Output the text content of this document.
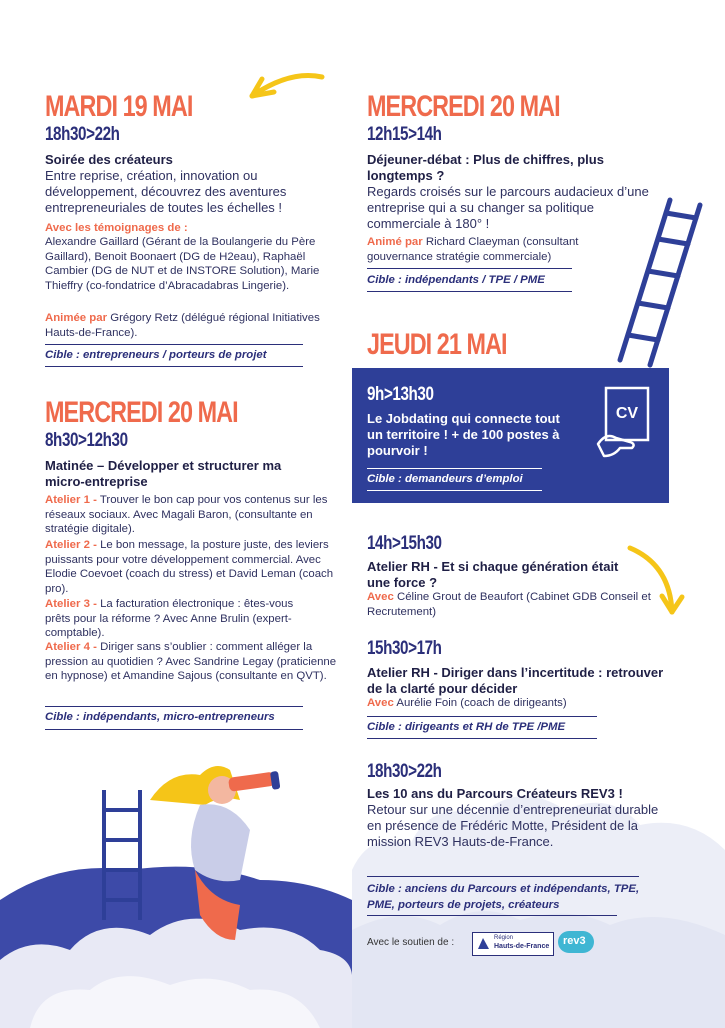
MARDI 19 MAI
18h30>22h
Soirée des créateurs
Entre reprise, création, innovation ou développement, découvrez des aventures entrepreneuriales de toutes les échelles !
Avec les témoignages de :
Alexandre Gaillard (Gérant de la Boulangerie du Père Gaillard), Benoit Boonaert (DG de H2eau), Raphaël Cambier (DG de NUT et de INSTORE Solution), Marie Thieffry (co-fondatrice d’Abracadabras Lingerie).
Animée par Grégory Retz (délégué régional Initiatives Hauts-de-France).
Cible : entrepreneurs / porteurs de projet
MERCREDI 20 MAI
8h30>12h30
Matinée – Développer et structurer ma micro-entreprise
Atelier 1 - Trouver le bon cap pour vos contenus sur les réseaux sociaux. Avec Magali Baron, (consultante en stratégie digitale).
Atelier 2 - Le bon message, la posture juste, des leviers puissants pour votre développement commercial. Avec Elodie Coevoet (coach du stress) et David Leman (coach pro).
Atelier 3 - La facturation électronique : êtes-vous prêts pour la réforme ? Avec Anne Brulin (expert-comptable).
Atelier 4 - Diriger sans s’oublier : comment alléger la pression au quotidien ? Avec Sandrine Legay (praticienne en hypnose) et Amandine Sajous (consultante en QVT).
Cible : indépendants, micro-entrepreneurs
MERCREDI 20 MAI
12h15>14h
Déjeuner-débat : Plus de chiffres, plus longtemps ?
Regards croisés sur le parcours audacieux d’une entreprise qui a su changer sa politique commerciale à 180° !
Animé par Richard Claeyman (consultant gouvernance stratégie commerciale)
Cible : indépendants / TPE / PME
JEUDI 21 MAI
9h>13h30
Le Jobdating qui connecte tout un territoire ! + de 100 postes à pourvoir !
CV
Cible : demandeurs d’emploi
14h>15h30
Atelier RH - Et si chaque génération était une force ?
Avec Céline Grout de Beaufort (Cabinet GDB Conseil et Recrutement)
15h30>17h
Atelier RH - Diriger dans l’incertitude : retrouver de la clarté pour décider
Avec Aurélie Foin (coach de dirigeants)
Cible : dirigeants et RH de TPE /PME
18h30>22h
Les 10 ans du Parcours Créateurs REV3 !
Retour sur une décennie d’entrepreneuriat durable en présence de Frédéric Motte, Président de la mission REV3 Hauts-de-France.
Cible : anciens du Parcours et indépendants, TPE, PME, porteurs de projets, créateurs
Avec le soutien de :	Région
Hauts-de-France rev3
